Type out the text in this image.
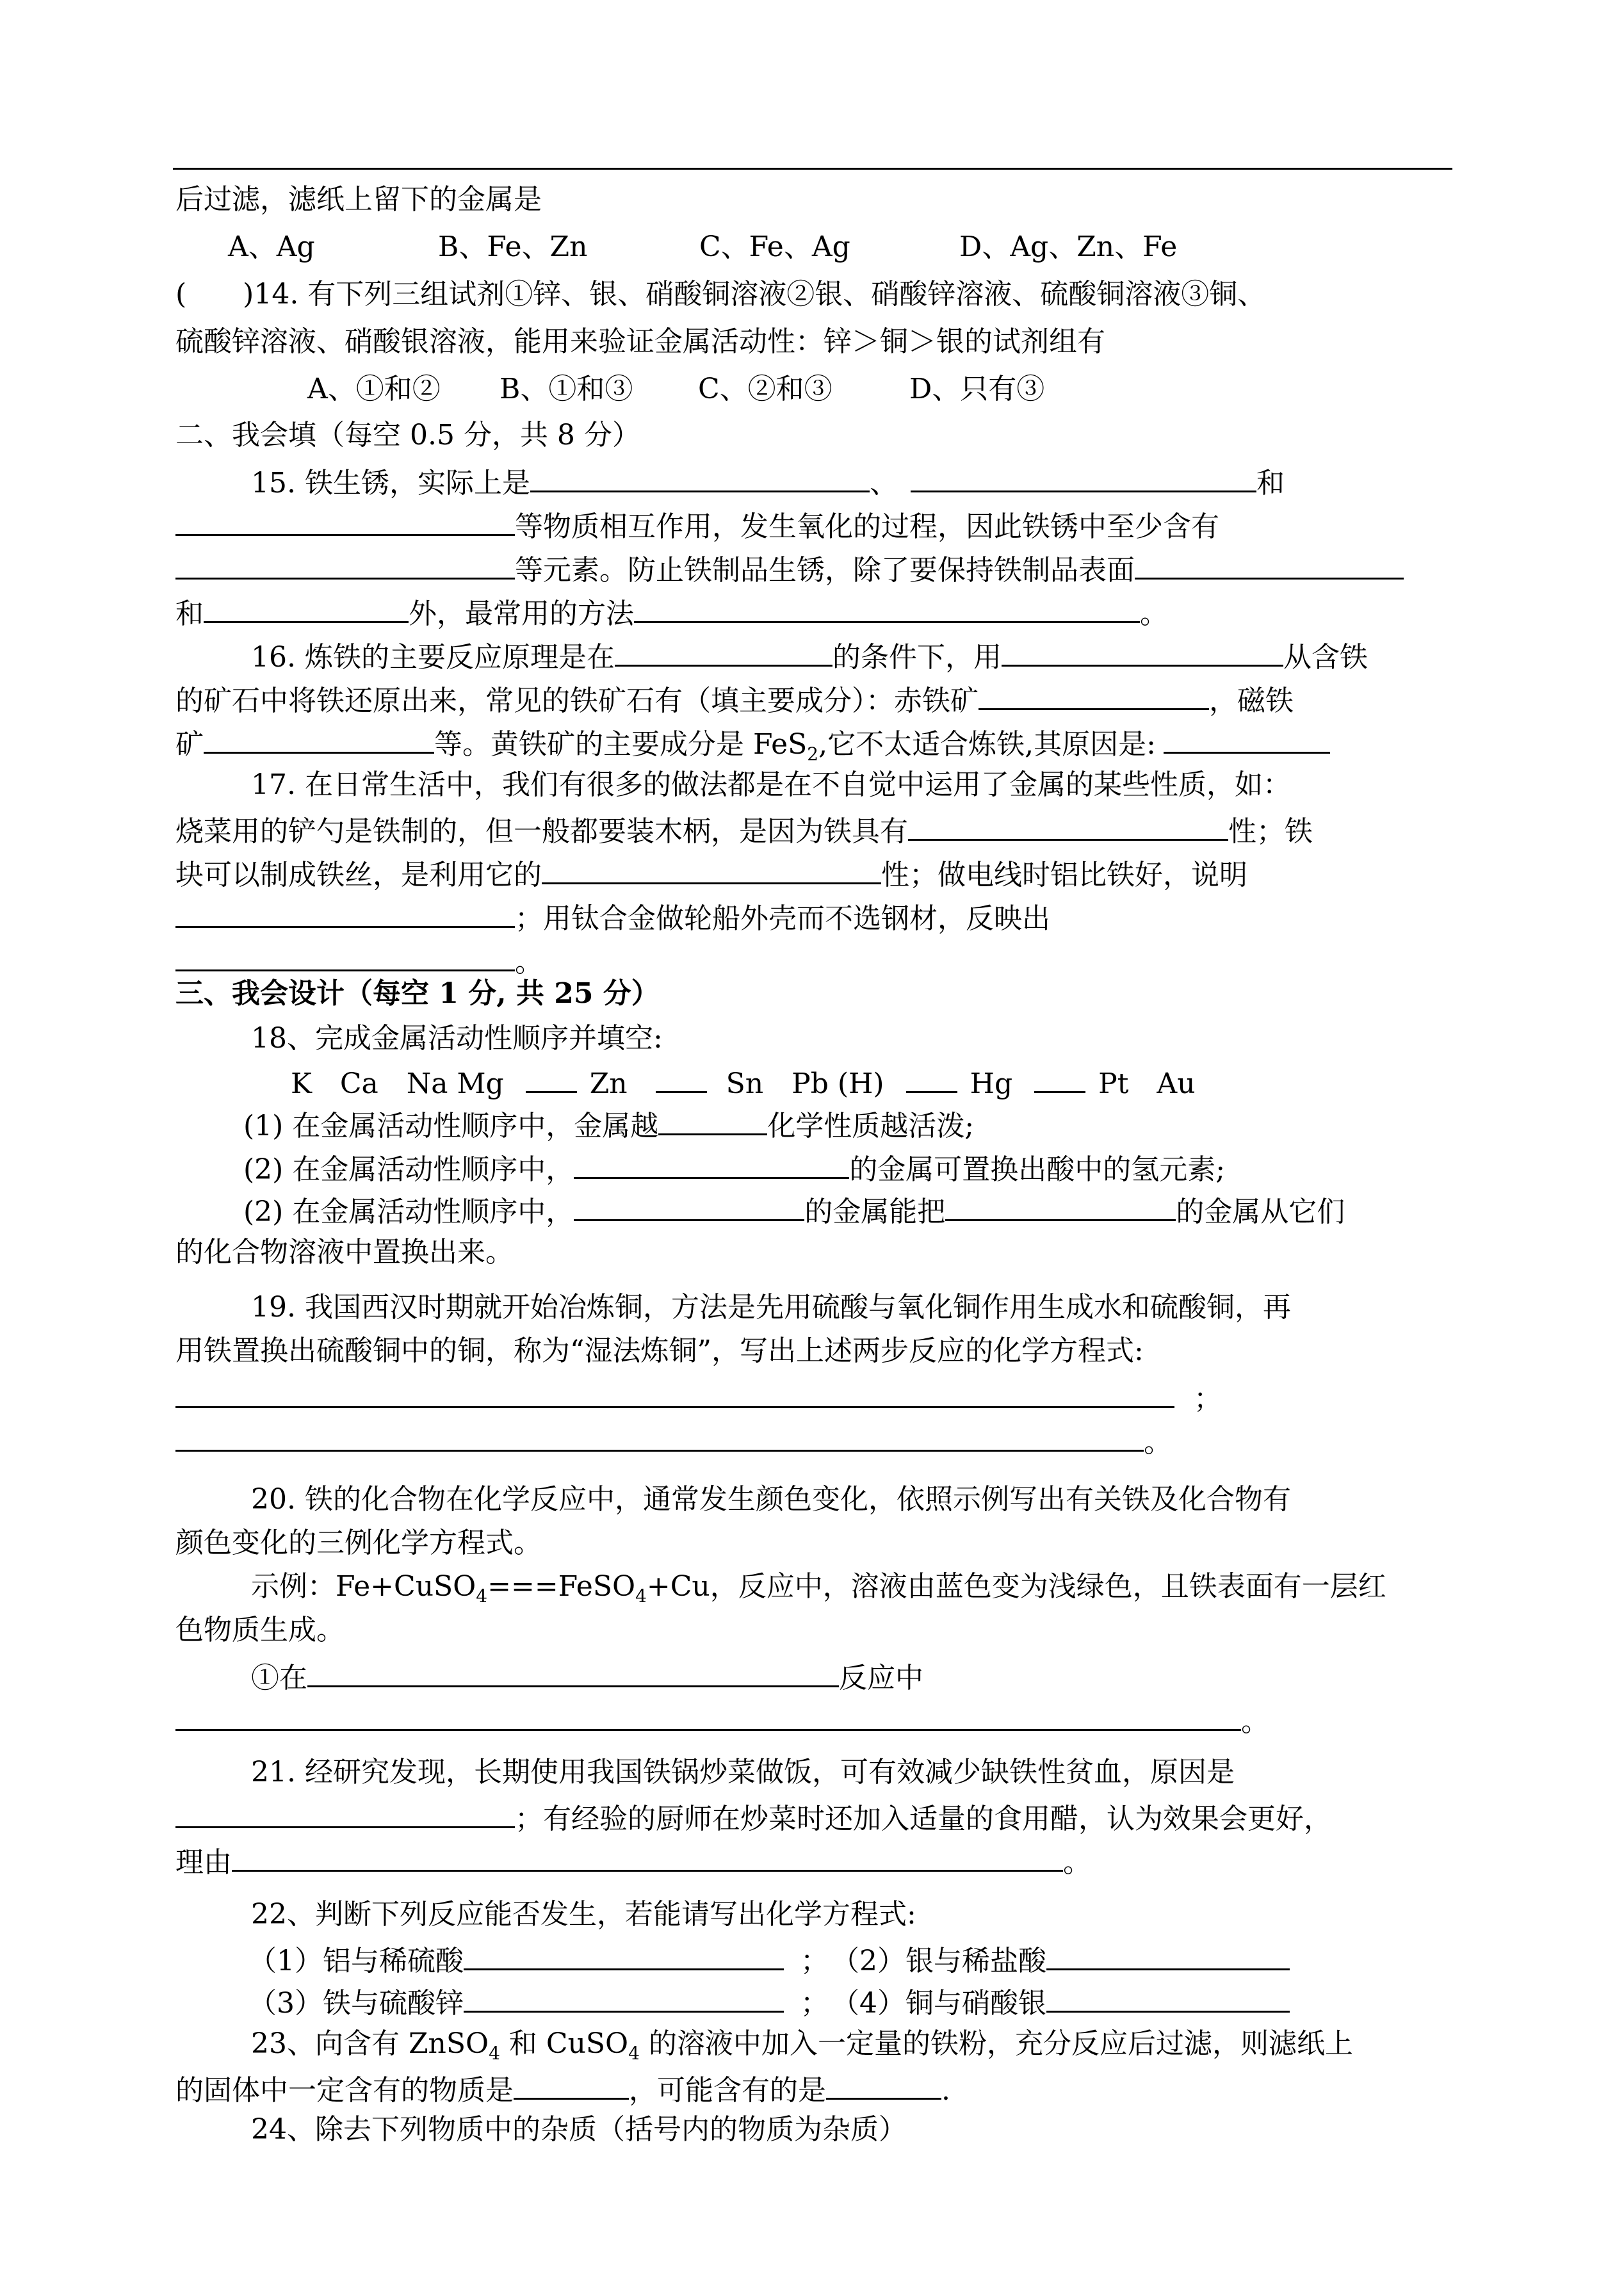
后过滤，滤纸上留下的金属是
A、Ag	B、Fe、Zn	C、Fe、Ag	D、Ag、Zn、Fe
(　　)14. 有下列三组试剂①锌、银、硝酸铜溶液②银、硝酸锌溶液、硫酸铜溶液③铜、
硫酸锌溶液、硝酸银溶液，能用来验证金属活动性：锌＞铜＞银的试剂组有
A、①和② B、①和③ C、②和③	D、只有③
二、我会填（每空 0.5 分，共 8 分）
15. 铁生锈，实际上是	、	和
等物质相互作用，发生氧化的过程，因此铁锈中至少含有
等元素。防止铁制品生锈，除了要保持铁制品表面
和	外，最常用的方法	。
16. 炼铁的主要反应原理是在	的条件下，用	从含铁
的矿石中将铁还原出来，常见的铁矿石有（填主要成分）：赤铁矿	，磁铁
矿	等。黄铁矿的主要成分是 FeS$_2$,它不太适合炼铁,其原因是:
17. 在日常生活中，我们有很多的做法都是在不自觉中运用了金属的某些性质，如：
烧菜用的铲勺是铁制的，但一般都要装木柄，是因为铁具有	性；铁
块可以制成铁丝，是利用它的	性；做电线时铝比铁好，说明
；用钛合金做轮船外壳而不选钢材，反映出
。
三、我会设计（每空 1 分, 共 25 分）
18、完成金属活动性顺序并填空:
K　Ca　Na Mg	Zn	Sn　Pb (H)	Hg	Pt　Au
(1) 在金属活动性顺序中，金属越	化学性质越活泼;
(2) 在金属活动性顺序中，	的金属可置换出酸中的氢元素;
(2) 在金属活动性顺序中，	的金属能把	的金属从它们
的化合物溶液中置换出来。
19. 我国西汉时期就开始冶炼铜，方法是先用硫酸与氧化铜作用生成水和硫酸铜，再
用铁置换出硫酸铜中的铜，称为“湿法炼铜”，写出上述两步反应的化学方程式:
；
。
20. 铁的化合物在化学反应中，通常发生颜色变化，依照示例写出有关铁及化合物有
颜色变化的三例化学方程式。
示例：Fe+CuSO$_4$===FeSO$_4$+Cu，反应中，溶液由蓝色变为浅绿色，且铁表面有一层红
色物质生成。
①在	反应中
。
21. 经研究发现，长期使用我国铁锅炒菜做饭，可有效减少缺铁性贫血，原因是
；有经验的厨师在炒菜时还加入适量的食用醋，认为效果会更好，
理由	。
22、判断下列反应能否发生，若能请写出化学方程式:
（1）铝与稀硫酸	； （2）银与稀盐酸
（3）铁与硫酸锌	； （4）铜与硝酸银
23、向含有 ZnSO$_4$ 和 CuSO$_4$ 的溶液中加入一定量的铁粉，充分反应后过滤，则滤纸上
的固体中一定含有的物质是	，可能含有的是	.
24、除去下列物质中的杂质（括号内的物质为杂质）
